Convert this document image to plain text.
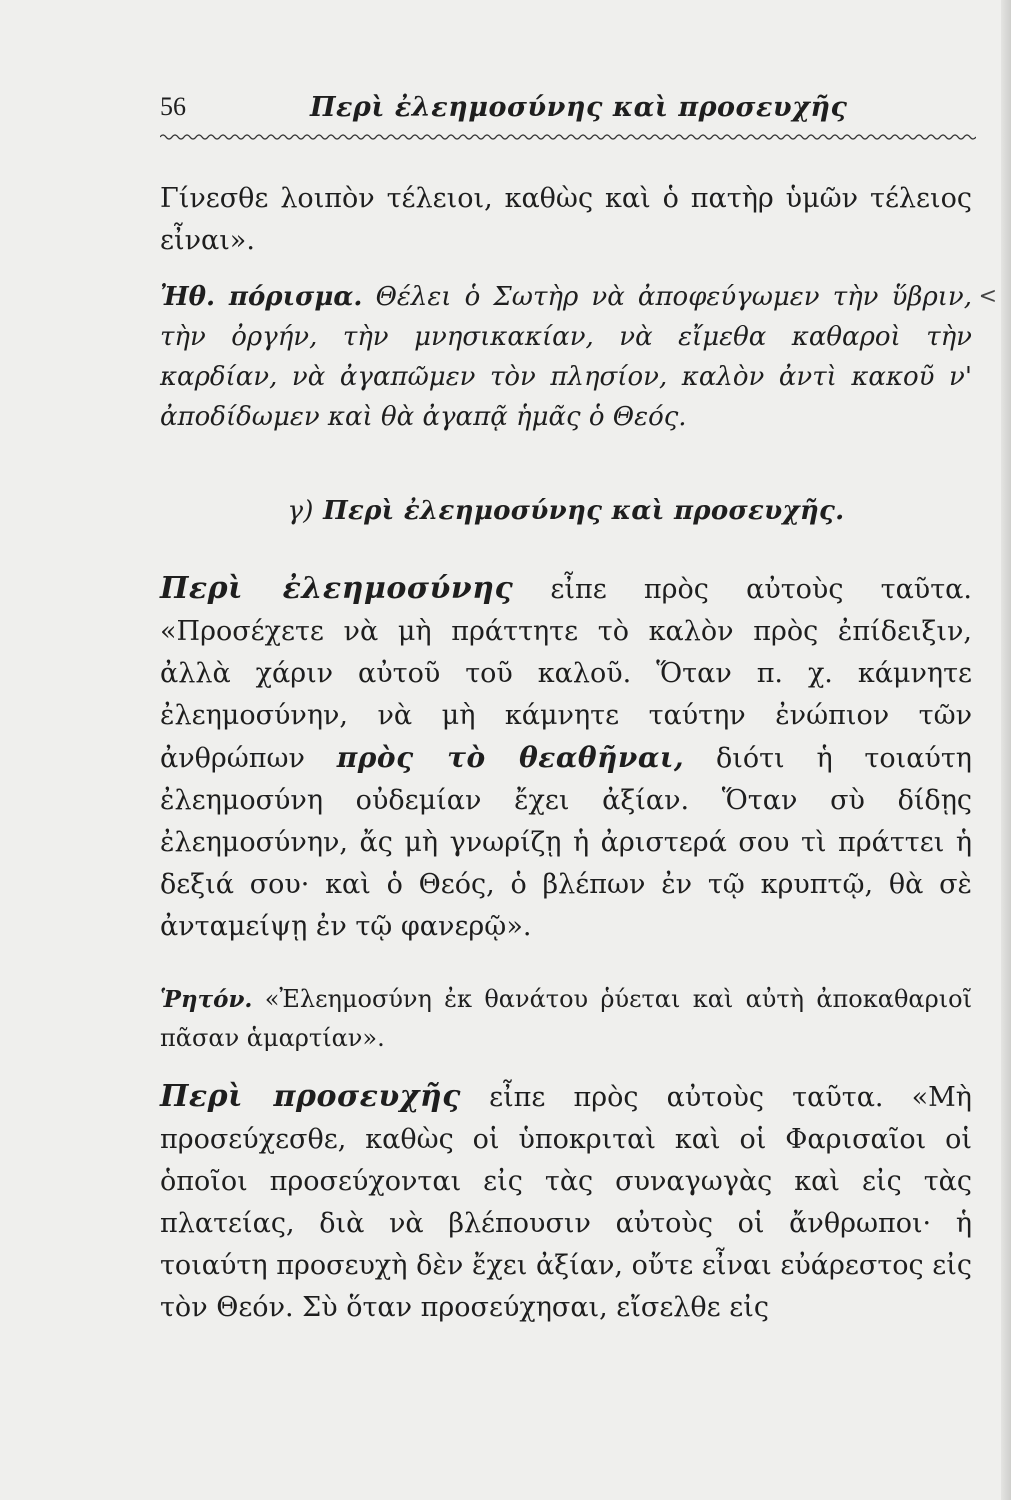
<
56	Περὶ ἐλεημοσύνης καὶ προσευχῆς

Γίνεσθε λοιπὸν τέλειοι, καθὼς καὶ ὁ πατὴρ ὑμῶν τέλειος εἶναι».

Ἠθ. πόρισμα. Θέλει ὁ Σωτὴρ νὰ ἀποφεύγωμεν τὴν ὕβριν, τὴν ὀργήν, τὴν μνησικακίαν, νὰ εἴμεθα καθαροὶ τὴν καρδίαν, νὰ ἀγαπῶμεν τὸν πλησίον, καλὸν ἀντὶ κακοῦ ν' ἀποδίδωμεν καὶ θὰ ἀγαπᾷ ἡμᾶς ὁ Θεός.

γ) Περὶ ἐλεημοσύνης καὶ προσευχῆς.

Περὶ ἐλεημοσύνης εἶπε πρὸς αὐτοὺς ταῦτα. «Προσέχετε νὰ μὴ πράττητε τὸ καλὸν πρὸς ἐπίδειξιν, ἀλλὰ χάριν αὐτοῦ τοῦ καλοῦ. Ὅταν π. χ. κάμνητε ἐλεημοσύνην, νὰ μὴ κάμνητε ταύτην ἐνώπιον τῶν ἀνθρώπων πρὸς τὸ θεαθῆναι, διότι ἡ τοιαύτη ἐλεημοσύνη οὐδεμίαν ἔχει ἀξίαν. Ὅταν σὺ δίδῃς ἐλεημοσύνην, ἄς μὴ γνωρίζῃ ἡ ἀριστερά σου τὶ πράττει ἡ δεξιά σου· καὶ ὁ Θεός, ὁ βλέπων ἐν τῷ κρυπτῷ, θὰ σὲ ἀνταμείψῃ ἐν τῷ φανερῷ».

Ῥητόν. «Ἐλεημοσύνη ἐκ θανάτου ῥύεται καὶ αὐτὴ ἀποκαθαριοῖ πᾶσαν ἁμαρτίαν».

Περὶ προσευχῆς εἶπε πρὸς αὐτοὺς ταῦτα. «Μὴ προσεύχεσθε, καθὼς οἱ ὑποκριταὶ καὶ οἱ Φαρισαῖοι οἱ ὁποῖοι προσεύχονται εἰς τὰς συναγωγὰς καὶ εἰς τὰς πλατείας, διὰ νὰ βλέπουσιν αὐτοὺς οἱ ἄνθρωποι· ἡ τοιαύτη προσευχὴ δὲν ἔχει ἀξίαν, οὔτε εἶναι εὐάρεστος εἰς τὸν Θεόν. Σὺ ὅταν προσεύχησαι, εἴσελθε εἰς
